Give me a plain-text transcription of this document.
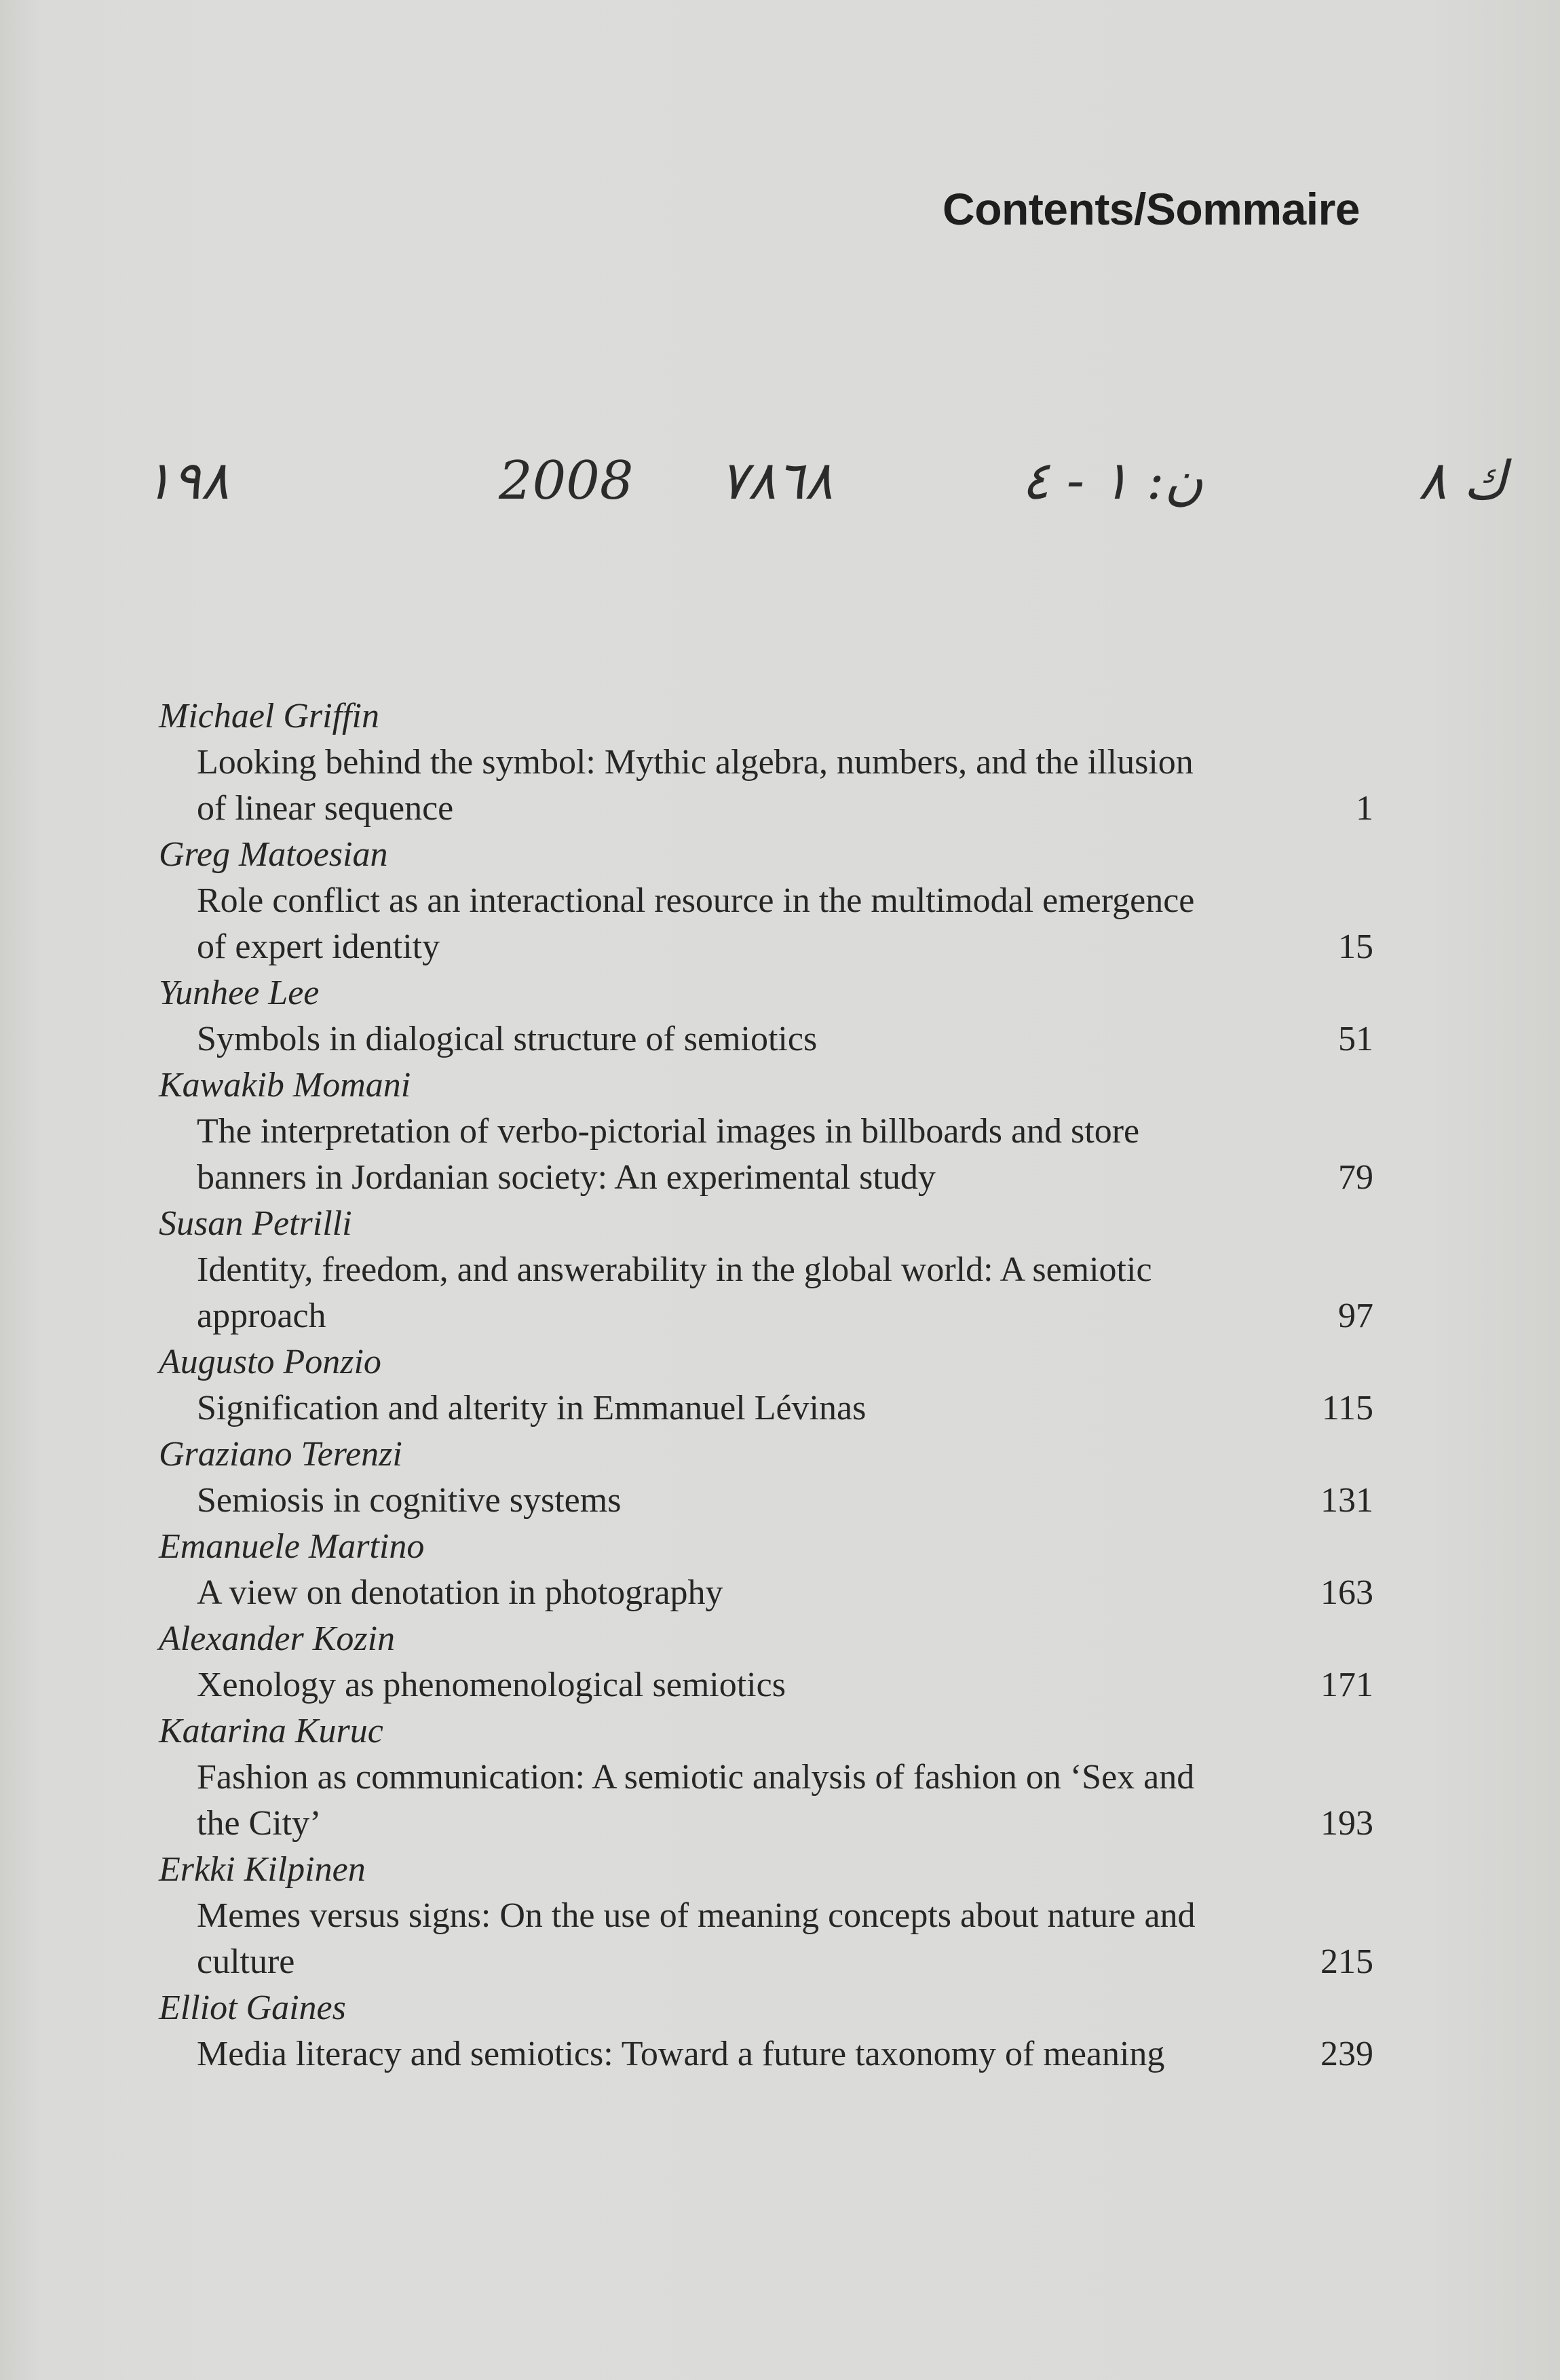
Contents/Sommaire
١٩٨	2008 ٧٨٦٨	ن: ١ - ٤	ك ٨
Michael Griffin
Looking behind the symbol: Mythic algebra, numbers, and the illusion of linear sequence	1
Greg Matoesian
Role conflict as an interactional resource in the multimodal emergence of expert identity	15
Yunhee Lee
Symbols in dialogical structure of semiotics	51
Kawakib Momani
The interpretation of verbo-pictorial images in billboards and store banners in Jordanian society: An experimental study	79
Susan Petrilli
Identity, freedom, and answerability in the global world: A semiotic approach	97
Augusto Ponzio
Signification and alterity in Emmanuel Lévinas	115
Graziano Terenzi
Semiosis in cognitive systems	131
Emanuele Martino
A view on denotation in photography	163
Alexander Kozin
Xenology as phenomenological semiotics	171
Katarina Kuruc
Fashion as communication: A semiotic analysis of fashion on ‘Sex and the City’	193
Erkki Kilpinen
Memes versus signs: On the use of meaning concepts about nature and culture	215
Elliot Gaines
Media literacy and semiotics: Toward a future taxonomy of meaning	239
